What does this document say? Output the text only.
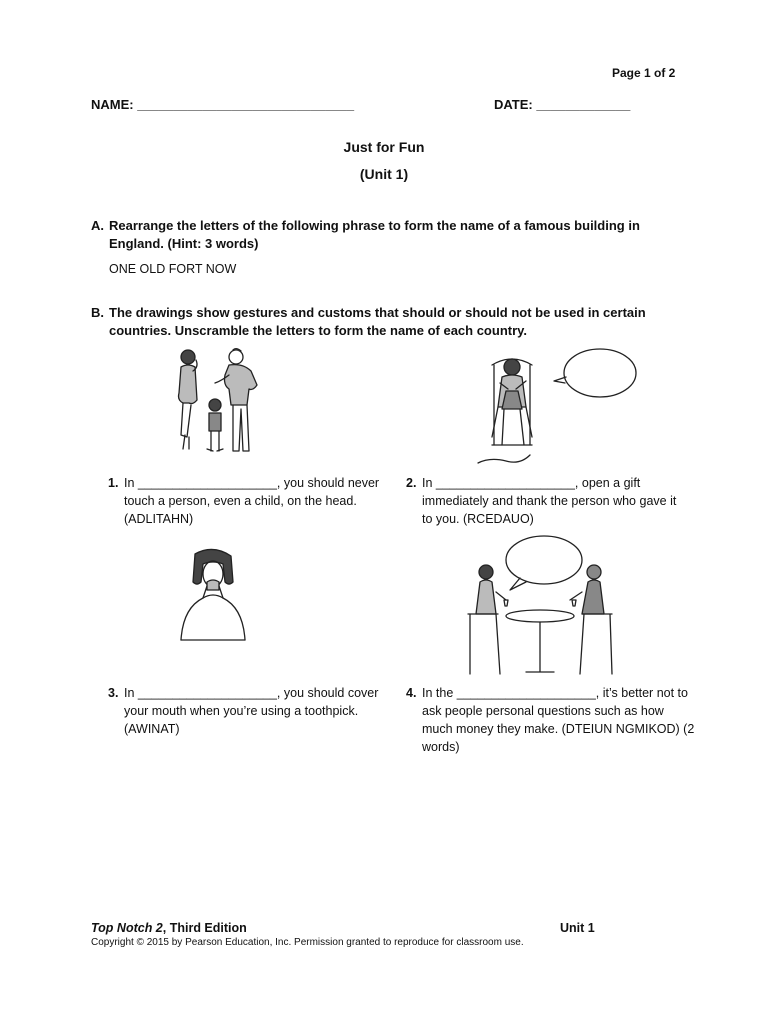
Page 1 of 2
NAME: ______________________________	DATE: _____________
Just for Fun
(Unit 1)
A. Rearrange the letters of the following phrase to form the name of a famous building in England. (Hint: 3 words)
ONE OLD FORT NOW
B. The drawings show gestures and customs that should or should not be used in certain countries. Unscramble the letters to form the name of each country.
1. In ____________________, you should never touch a person, even a child, on the head. (ADLITAHN)
2. In ____________________, open a gift immediately and thank the person who gave it to you. (RCEDAUO)
3. In ____________________, you should cover your mouth when you’re using a toothpick. (AWINAT)
4. In the ____________________, it’s better not to ask people personal questions such as how much money they make. (DTEIUN NGMIKOD) (2 words)
Top Notch 2, Third Edition	Unit 1
Copyright © 2015 by Pearson Education, Inc. Permission granted to reproduce for classroom use.
